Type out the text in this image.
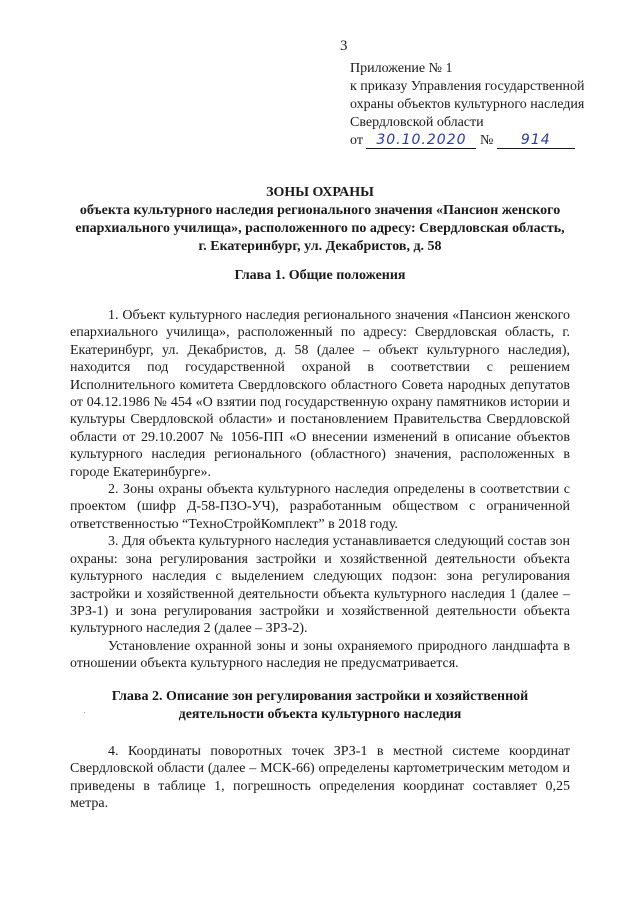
3
Приложение № 1
к приказу Управления государственной
охраны объектов культурного наследия
Свердловской области
от 30.10.2020 № 914
ЗОНЫ ОХРАНЫ
объекта культурного наследия регионального значения «Пансион женского епархиального училища», расположенного по адресу: Свердловская область, г. Екатеринбург, ул. Декабристов, д. 58
Глава 1. Общие положения

1. Объект культурного наследия регионального значения «Пансион женского епархиального училища», расположенный по адресу: Свердловская область, г. Екатеринбург, ул. Декабристов, д. 58 (далее – объект культурного наследия), находится под государственной охраной в соответствии с решением Исполнительного комитета Свердловского областного Совета народных депутатов от 04.12.1986 № 454 «О взятии под государственную охрану памятников истории и культуры Свердловской области» и постановлением Правительства Свердловской области от 29.10.2007 № 1056-ПП «О внесении изменений в описание объектов культурного наследия регионального (областного) значения, расположенных в городе Екатеринбурге».

2. Зоны охраны объекта культурного наследия определены в соответствии с проектом (шифр Д-58-ПЗО-УЧ), разработанным обществом с ограниченной ответственностью “ТехноСтройКомплект” в 2018 году.

3. Для объекта культурного наследия устанавливается следующий состав зон охраны: зона регулирования застройки и хозяйственной деятельности объекта культурного наследия с выделением следующих подзон: зона регулирования застройки и хозяйственной деятельности объекта культурного наследия 1 (далее – ЗРЗ-1) и зона регулирования застройки и хозяйственной деятельности объекта культурного наследия 2 (далее – ЗРЗ-2).

Установление охранной зоны и зоны охраняемого природного ландшафта в отношении объекта культурного наследия не предусматривается.

Глава 2. Описание зон регулирования застройки и хозяйственной
деятельности объекта культурного наследия

4. Координаты поворотных точек ЗРЗ-1 в местной системе координат Свердловской области (далее – МСК-66) определены картометрическим методом и приведены в таблице 1, погрешность определения координат составляет 0,25 метра.
